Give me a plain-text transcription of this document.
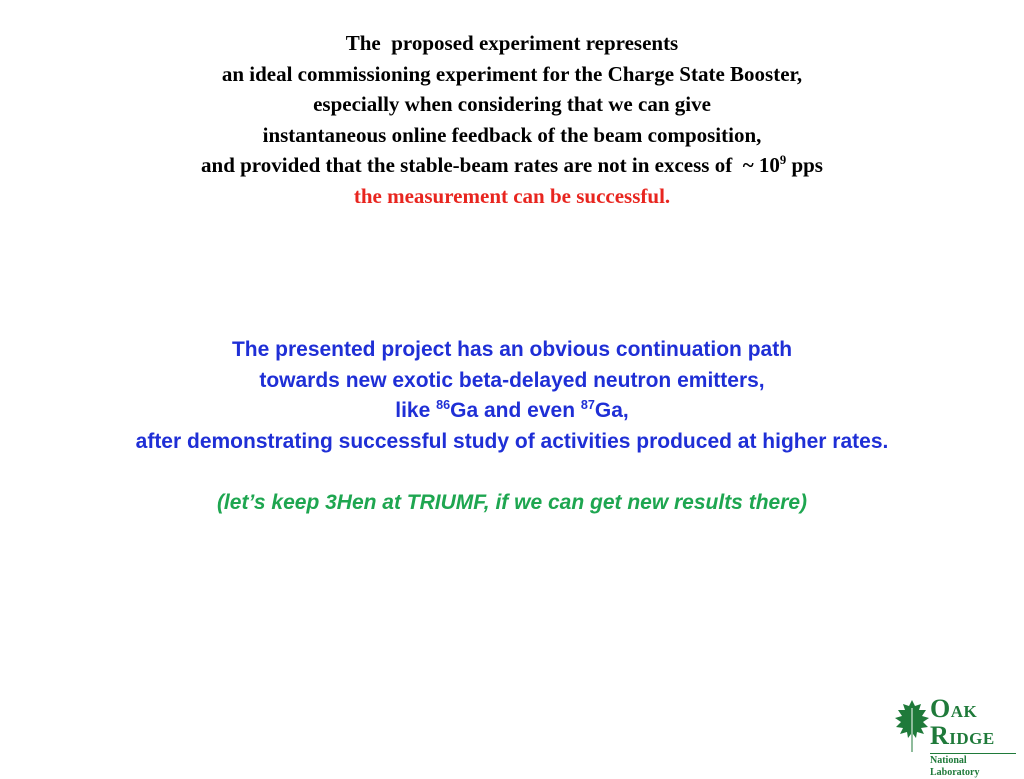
The  proposed experiment represents
an ideal commissioning experiment for the Charge State Booster,
especially when considering that we can give
instantaneous online feedback of the beam composition,
and provided that the stable-beam rates are not in excess of  ~ $10^9$ pps
the measurement can be successful.
The presented project has an obvious continuation path
towards new exotic beta-delayed neutron emitters,
like $^{86}$Ga and even $^{87}$Ga,
after demonstrating successful study of activities produced at higher rates.
(let’s keep 3Hen at TRIUMF, if we can get new results there)
OAK
RIDGE
National Laboratory
